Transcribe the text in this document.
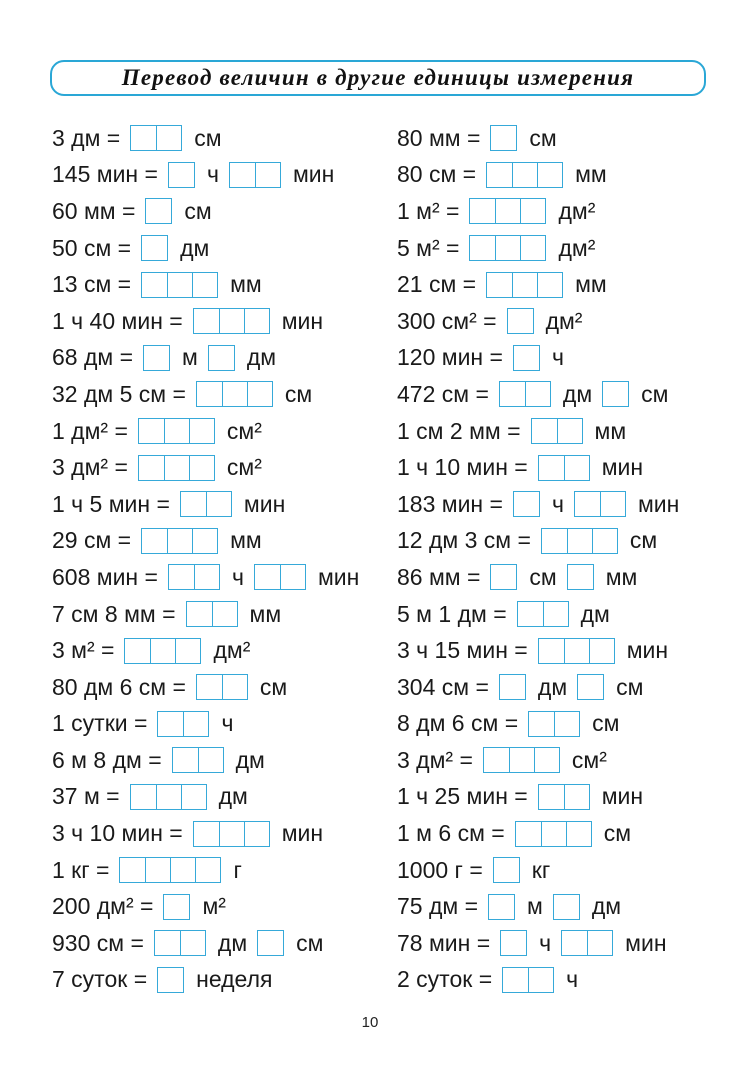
Перевод величин в другие единицы измерения
3 дм =	см
145 мин = ч	мин
60 мм = см
50 см = дм
13 см =	мм
1 ч 40 мин =	мин
68 дм = м дм
32 дм 5 см =	см
1 дм² =	см²
3 дм² =	см²
1 ч 5 мин =	мин
29 см =	мм
608 мин =	ч	мин
7 см 8 мм =	мм
3 м² =	дм²
80 дм 6 см =	см
1 сутки =	ч
6 м 8 дм =	дм
37 м =	дм
3 ч 10 мин =	мин
1 кг =	г
200 дм² = м²
930 см =	дм см
7 суток = неделя
80 мм = см
80 см =	мм
1 м² =	дм²
5 м² =	дм²
21 см =	мм
300 см² = дм²
120 мин = ч
472 см =	дм см
1 см 2 мм =	мм
1 ч 10 мин =	мин
183 мин = ч	мин
12 дм 3 см =	см
86 мм = см мм
5 м 1 дм =	дм
3 ч 15 мин =	мин
304 см = дм см
8 дм 6 см =	см
3 дм² =	см²
1 ч 25 мин =	мин
1 м 6 см =	см
1000 г = кг
75 дм = м дм
78 мин = ч	мин
2 суток =	ч
10
